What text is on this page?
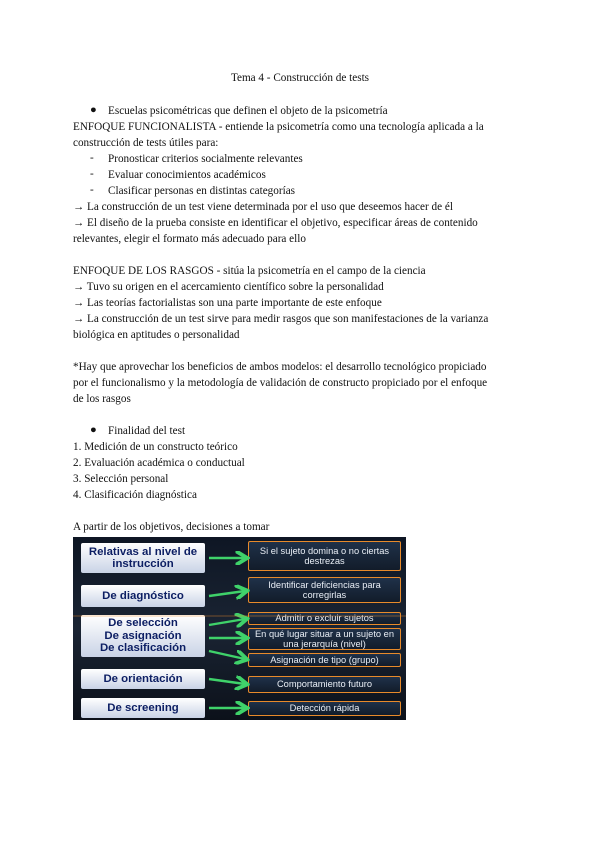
Tema 4 - Construcción de tests
● Escuelas psicométricas que definen el objeto de la psicometría
ENFOQUE FUNCIONALISTA - entiende la psicometría como una tecnología aplicada a la
construcción de tests útiles para:
- Pronosticar criterios socialmente relevantes
- Evaluar conocimientos académicos
- Clasificar personas en distintas categorías
→ La construcción de un test viene determinada por el uso que deseemos hacer de él
→ El diseño de la prueba consiste en identificar el objetivo, especificar áreas de contenido
relevantes, elegir el formato más adecuado para ello
ENFOQUE DE LOS RASGOS - sitúa la psicometría en el campo de la ciencia
→ Tuvo su origen en el acercamiento científico sobre la personalidad
→ Las teorías factorialistas son una parte importante de este enfoque
→ La construcción de un test sirve para medir rasgos que son manifestaciones de la varianza
biológica en aptitudes o personalidad
*Hay que aprovechar los beneficios de ambos modelos: el desarrollo tecnológico propiciado
por el funcionalismo y la metodología de validación de constructo propiciado por el enfoque
de los rasgos
● Finalidad del test
1. Medición de un constructo teórico
2. Evaluación académica o conductual
3. Selección personal
4. Clasificación diagnóstica
A partir de los objetivos, decisiones a tomar
Relativas al nivel de instrucción
De diagnóstico
De selección
De asignación
De clasificación
De orientación
De screening
Si el sujeto domina o no ciertas destrezas
Identificar deficiencias para corregirlas
Admitir o excluir sujetos
En qué lugar situar a un sujeto en una jerarquía (nivel)
Asignación de tipo (grupo)
Comportamiento futuro
Detección rápida
